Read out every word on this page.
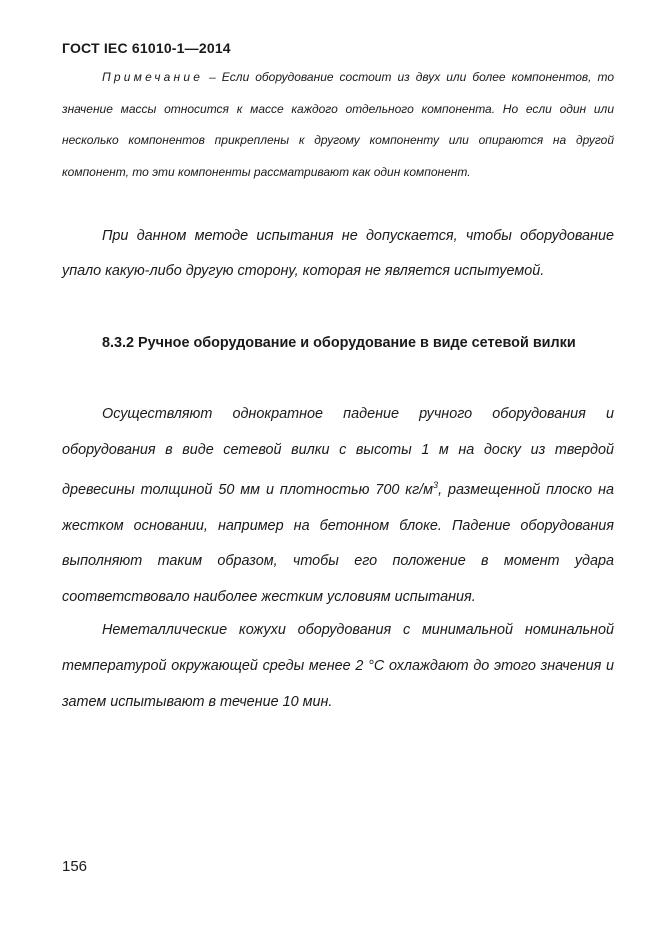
ГОСТ IEC 61010-1—2014
Примечание – Если оборудование состоит из двух или более компонентов, то значение массы относится к массе каждого отдельного компонента. Но если один или несколько компонентов прикреплены к другому компоненту или опираются на другой компонент, то эти компоненты рассматривают как один компонент.
При данном методе испытания не допускается, чтобы оборудование упало какую-либо другую сторону, которая не является испытуемой.
8.3.2 Ручное оборудование и оборудование в виде сетевой вилки
Осуществляют однократное падение ручного оборудования и оборудования в виде сетевой вилки с высоты 1 м на доску из твердой древесины толщиной 50 мм и плотностью 700 $кг/м^3$, размещенной плоско на жестком основании, например на бетонном блоке. Падение оборудования выполняют таким образом, чтобы его положение в момент удара соответствовало наиболее жестким условиям испытания.
Неметаллические кожухи оборудования с минимальной номинальной температурой окружающей среды менее 2 °С охлаждают до этого значения и затем испытывают в течение 10 мин.
156
